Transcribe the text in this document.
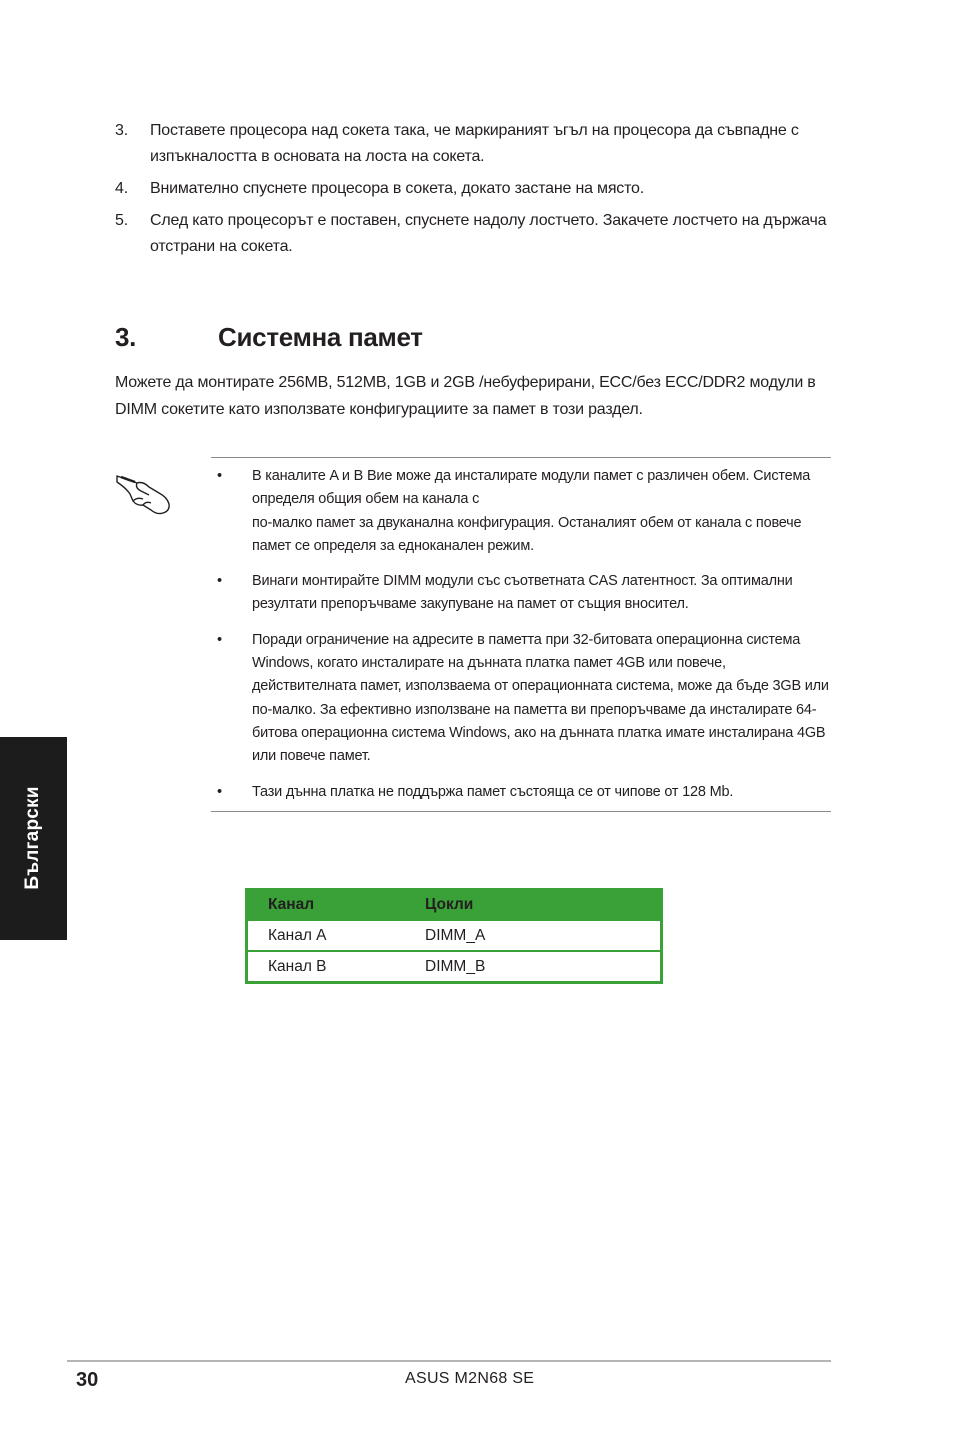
3.	Поставете процесора над сокета така, че маркираният ъгъл на процесора да съвпадне с изпъкналостта в основата на лоста на сокета.
4.	Внимателно спуснете процесора в сокета, докато застане на място.
5.	След като процесорът е поставен, спуснете надолу лостчето. Закачете лостчето на държача отстрани на сокета.
3.	Системна памет
Можете да монтирате 256MB, 512MB, 1GB и 2GB /небуферирани, ECC/без ECC/DDR2 модули в DIMM сокетите като използвате конфигурациите за памет в този раздел.
•	В каналите A и B Вие може да инсталирате модули памет с различен обем. Система определя общия обем на канала с
по-малко памет за двуканална конфигурация. Останалият обем от канала с повече памет се определя за едноканален режим.
•	Винаги монтирайте DIMM модули със съответната CAS латентност. За оптимални резултати препоръчваме закупуване на памет от същия вносител.
•	Поради ограничение на адресите в паметта при 32-битовата операционна система Windows, когато инсталирате на дънната платка памет 4GB или повече, действителната памет, използваема от операционната система, може да бъде 3GB или по-малко. За ефективно използване на паметта ви препоръчваме да инсталирате 64-битова операционна система Windows, ако на дънната платка имате инсталирана 4GB или повече памет.
•	Тази дънна платка не поддържа памет състояща се от чипове от 128 Mb.
Български
Канал	Цокли
Канал A	DIMM_A
Канал B	DIMM_B
30	ASUS M2N68 SE
